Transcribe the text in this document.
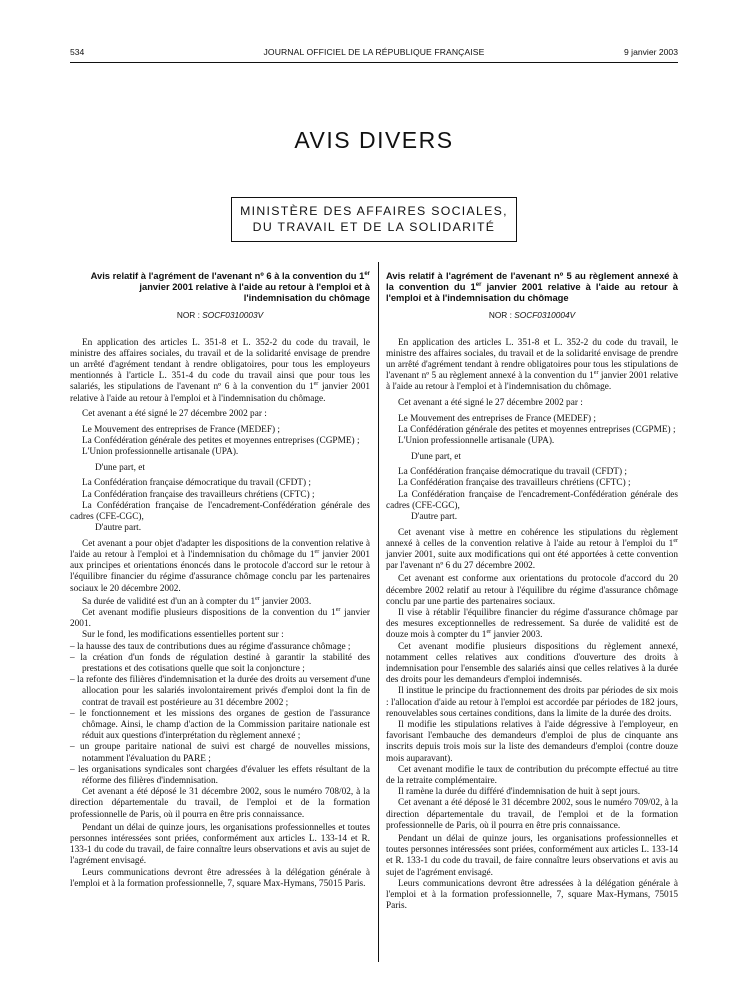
534	JOURNAL OFFICIEL DE LA RÉPUBLIQUE FRANÇAISE	9 janvier 2003
AVIS DIVERS
MINISTÈRE DES AFFAIRES SOCIALES,
DU TRAVAIL ET DE LA SOLIDARITÉ
Avis relatif à l'agrément de l'avenant nº 6 à la convention du 1er janvier 2001 relative à l'aide au retour à l'emploi et à l'indemnisation du chômage
NOR : SOCF0310003V

En application des articles L. 351-8 et L. 352-2 du code du travail, le ministre des affaires sociales, du travail et de la solidarité envisage de prendre un arrêté d'agrément tendant à rendre obligatoires, pour tous les employeurs mentionnés à l'article L. 351-4 du code du travail ainsi que pour tous les salariés, les stipulations de l'avenant nº 6 à la convention du 1er janvier 2001 relative à l'aide au retour à l'emploi et à l'indemnisation du chômage.

Cet avenant a été signé le 27 décembre 2002 par :

Le Mouvement des entreprises de France (MEDEF) ;

La Confédération générale des petites et moyennes entreprises (CGPME) ;

L'Union professionnelle artisanale (UPA).

D'une part, et

La Confédération française démocratique du travail (CFDT) ;

La Confédération française des travailleurs chrétiens (CFTC) ;

La Confédération française de l'encadrement-Confédération générale des cadres (CFE-CGC),

D'autre part.

Cet avenant a pour objet d'adapter les dispositions de la convention relative à l'aide au retour à l'emploi et à l'indemnisation du chômage du 1er janvier 2001 aux principes et orientations énoncés dans le protocole d'accord sur le retour à l'équilibre financier du régime d'assurance chômage conclu par les partenaires sociaux le 20 décembre 2002.

Sa durée de validité est d'un an à compter du 1er janvier 2003.

Cet avenant modifie plusieurs dispositions de la convention du 1er janvier 2001.

Sur le fond, les modifications essentielles portent sur :

– la hausse des taux de contributions dues au régime d'assurance chômage ;
– la création d'un fonds de régulation destiné à garantir la stabilité des prestations et des cotisations quelle que soit la conjoncture ;
– la refonte des filières d'indemnisation et la durée des droits au versement d'une allocation pour les salariés involontairement privés d'emploi dont la fin de contrat de travail est postérieure au 31 décembre 2002 ;
– le fonctionnement et les missions des organes de gestion de l'assurance chômage. Ainsi, le champ d'action de la Commission paritaire nationale est réduit aux questions d'interprétation du règlement annexé ;
– un groupe paritaire national de suivi est chargé de nouvelles missions, notamment l'évaluation du PARE ;
– les organisations syndicales sont chargées d'évaluer les effets résultant de la réforme des filières d'indemnisation.

Cet avenant a été déposé le 31 décembre 2002, sous le numéro 708/02, à la direction départementale du travail, de l'emploi et de la formation professionnelle de Paris, où il pourra en être pris connaissance.

Pendant un délai de quinze jours, les organisations professionnelles et toutes personnes intéressées sont priées, conformément aux articles L. 133-14 et R. 133-1 du code du travail, de faire connaître leurs observations et avis au sujet de l'agrément envisagé.

Leurs communications devront être adressées à la délégation générale à l'emploi et à la formation professionnelle, 7, square Max-Hymans, 75015 Paris.

Avis relatif à l'agrément de l'avenant nº 5 au règlement annexé à la convention du 1er janvier 2001 relative à l'aide au retour à l'emploi et à l'indemnisation du chômage
NOR : SOCF0310004V

En application des articles L. 351-8 et L. 352-2 du code du travail, le ministre des affaires sociales, du travail et de la solidarité envisage de prendre un arrêté d'agrément tendant à rendre obligatoires pour tous les stipulations de l'avenant nº 5 au règlement annexé à la convention du 1er janvier 2001 relative à l'aide au retour à l'emploi et à l'indemnisation du chômage.

Cet avenant a été signé le 27 décembre 2002 par :

Le Mouvement des entreprises de France (MEDEF) ;

La Confédération générale des petites et moyennes entreprises (CGPME) ;

L'Union professionnelle artisanale (UPA).

D'une part, et

La Confédération française démocratique du travail (CFDT) ;

La Confédération française des travailleurs chrétiens (CFTC) ;

La Confédération française de l'encadrement-Confédération générale des cadres (CFE-CGC),

D'autre part.

Cet avenant vise à mettre en cohérence les stipulations du règlement annexé à celles de la convention relative à l'aide au retour à l'emploi du 1er janvier 2001, suite aux modifications qui ont été apportées à cette convention par l'avenant nº 6 du 27 décembre 2002.

Cet avenant est conforme aux orientations du protocole d'accord du 20 décembre 2002 relatif au retour à l'équilibre du régime d'assurance chômage conclu par une partie des partenaires sociaux.

Il vise à rétablir l'équilibre financier du régime d'assurance chômage par des mesures exceptionnelles de redressement. Sa durée de validité est de douze mois à compter du 1er janvier 2003.

Cet avenant modifie plusieurs dispositions du règlement annexé, notamment celles relatives aux conditions d'ouverture des droits à indemnisation pour l'ensemble des salariés ainsi que celles relatives à la durée des droits pour les demandeurs d'emploi indemnisés.

Il institue le principe du fractionnement des droits par périodes de six mois : l'allocation d'aide au retour à l'emploi est accordée par périodes de 182 jours, renouvelables sous certaines conditions, dans la limite de la durée des droits.

Il modifie les stipulations relatives à l'aide dégressive à l'employeur, en favorisant l'embauche des demandeurs d'emploi de plus de cinquante ans inscrits depuis trois mois sur la liste des demandeurs d'emploi (contre douze mois auparavant).

Cet avenant modifie le taux de contribution du précompte effectué au titre de la retraite complémentaire.

Il ramène la durée du différé d'indemnisation de huit à sept jours.

Cet avenant a été déposé le 31 décembre 2002, sous le numéro 709/02, à la direction départementale du travail, de l'emploi et de la formation professionnelle de Paris, où il pourra en être pris connaissance.

Pendant un délai de quinze jours, les organisations professionnelles et toutes personnes intéressées sont priées, conformément aux articles L. 133-14 et R. 133-1 du code du travail, de faire connaître leurs observations et avis au sujet de l'agrément envisagé.

Leurs communications devront être adressées à la délégation générale à l'emploi et à la formation professionnelle, 7, square Max-Hymans, 75015 Paris.
